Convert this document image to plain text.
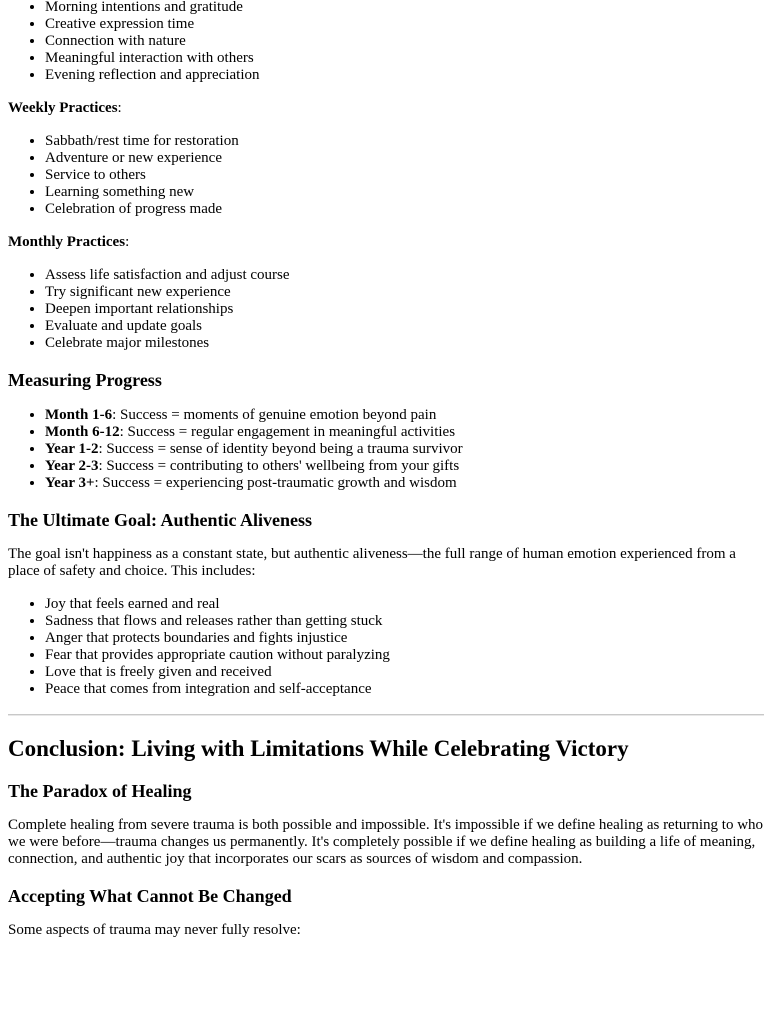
• Morning intentions and gratitude
• Creative expression time
• Connection with nature
• Meaningful interaction with others
• Evening reflection and appreciation

Weekly Practices:

• Sabbath/rest time for restoration
• Adventure or new experience
• Service to others
• Learning something new
• Celebration of progress made

Monthly Practices:

• Assess life satisfaction and adjust course
• Try significant new experience
• Deepen important relationships
• Evaluate and update goals
• Celebrate major milestones
Measuring Progress
• Month 1-6: Success = moments of genuine emotion beyond pain
• Month 6-12: Success = regular engagement in meaningful activities
• Year 1-2: Success = sense of identity beyond being a trauma survivor
• Year 2-3: Success = contributing to others' wellbeing from your gifts
• Year 3+: Success = experiencing post-traumatic growth and wisdom
The Ultimate Goal: Authentic Aliveness

The goal isn't happiness as a constant state, but authentic aliveness—the full range of human emotion experienced from a place of safety and choice. This includes:

• Joy that feels earned and real
• Sadness that flows and releases rather than getting stuck
• Anger that protects boundaries and fights injustice
• Fear that provides appropriate caution without paralyzing
• Love that is freely given and received
• Peace that comes from integration and self-acceptance
Conclusion: Living with Limitations While Celebrating Victory
The Paradox of Healing

Complete healing from severe trauma is both possible and impossible. It's impossible if we define healing as returning to who we were before—trauma changes us permanently. It's completely possible if we define healing as building a life of meaning, connection, and authentic joy that incorporates our scars as sources of wisdom and compassion.

Accepting What Cannot Be Changed

Some aspects of trauma may never fully resolve:
